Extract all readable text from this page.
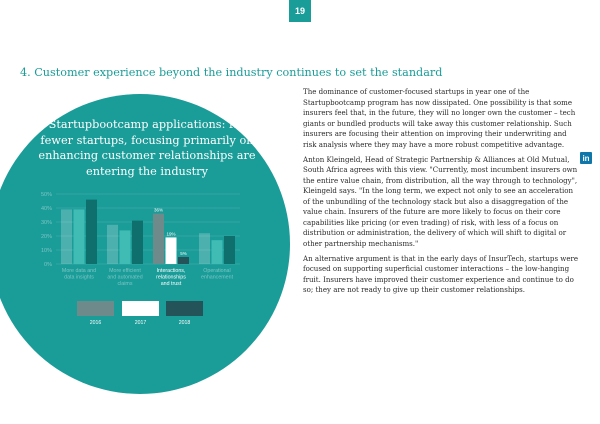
19
4. Customer experience beyond the industry continues to set the standard
Startupbootcamp applications: far
fewer startups, focusing primarily on
enhancing customer relationships are
entering the industry
0%
10%
20%
30%
40%
50%
More data and
data insights
More efficient
and automated
claims
36%
19%
5%
Interactions,
relationships
and trust
Operational
enhancement
2016	2017	2018

The dominance of customer-focused startups in year one of the Startupbootcamp program has now dissipated. One possibility is that some insurers feel that, in the future, they will no longer own the customer – tech giants or bundled products will take away this customer relationship. Such insurers are focusing their attention on improving their underwriting and risk analysis where they may have a more robust competitive advantage.

Anton Kleingeld, Head of Strategic Partnership & Alliances at Old Mutual, South Africa agrees with this view. "Currently, most incumbent insurers own the entire value chain, from distribution, all the way through to technology", Kleingeld says. "In the long term, we expect not only to see an acceleration of the unbundling of the technology stack but also a disaggregation of the value chain. Insurers of the future are more likely to focus on their core capabilities like pricing (or even trading) of risk, with less of a focus on distribution or administration, the delivery of which will shift to digital or other partnership mechanisms."

An alternative argument is that in the early days of InsurTech, startups were focused on supporting superficial customer interactions – the low-hanging fruit. Insurers have improved their customer experience and continue to do so; they are not ready to give up their customer relationships.

in
